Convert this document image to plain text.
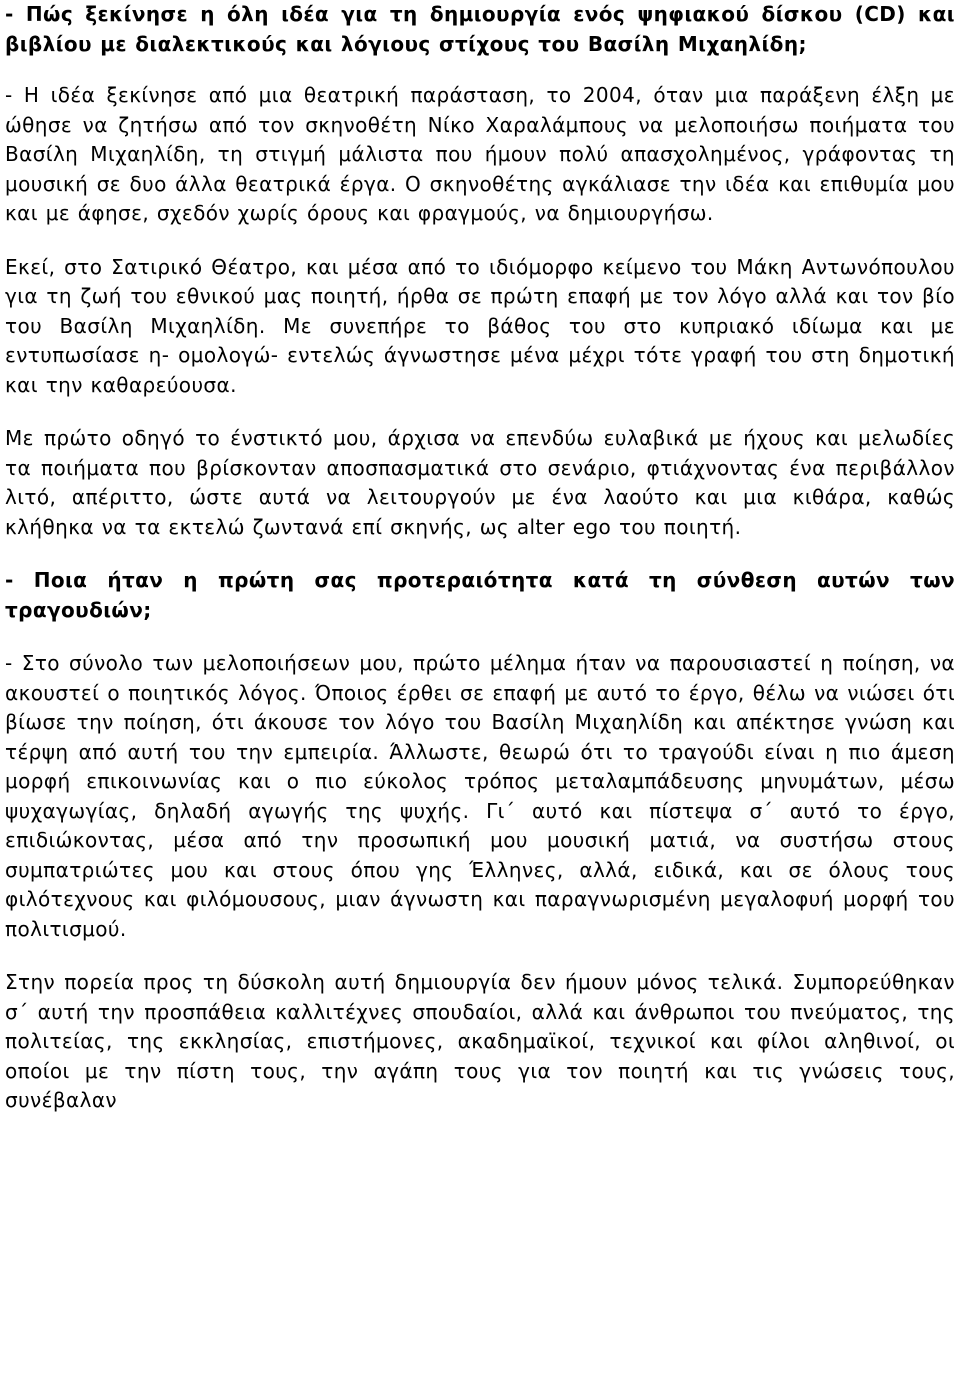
- Πώς ξεκίνησε η όλη ιδέα για τη δημιουργία ενός ψηφιακού δίσκου (CD) και βιβλίου με διαλεκτικούς και λόγιους στίχους του Βασίλη Μιχαηλίδη;

- Η ιδέα ξεκίνησε από μια θεατρική παράσταση, το 2004, όταν μια παράξενη έλξη με ώθησε να ζητήσω από τον σκηνοθέτη Νίκο Χαραλάμπους να μελοποιήσω ποιήματα του Βασίλη Μιχαηλίδη, τη στιγμή μάλιστα που ήμουν πολύ απασχολημένος, γράφοντας τη μουσική σε δυο άλλα θεατρικά έργα. Ο σκηνοθέτης αγκάλιασε την ιδέα και επιθυμία μου και με άφησε, σχεδόν χωρίς όρους και φραγμούς, να δημιουργήσω.

Εκεί, στο Σατιρικό Θέατρο, και μέσα από το ιδιόμορφο κείμενο του Μάκη Αντωνόπουλου για τη ζωή του εθνικού μας ποιητή, ήρθα σε πρώτη επαφή με τον λόγο αλλά και τον βίο του Βασίλη Μιχαηλίδη. Με συνεπήρε το βάθος του στο κυπριακό ιδίωμα και με εντυπωσίασε η- ομολογώ- εντελώς άγνωστησε μένα μέχρι τότε γραφή του στη δημοτική και την καθαρεύουσα.

Με πρώτο οδηγό το ένστικτό μου, άρχισα να επενδύω ευλαβικά με ήχους και μελωδίες τα ποιήματα που βρίσκονταν αποσπασματικά στο σενάριο, φτιάχνοντας ένα περιβάλλον λιτό, απέριττο, ώστε αυτά να λειτουργούν με ένα λαούτο και μια κιθάρα, καθώς κλήθηκα να τα εκτελώ ζωντανά επί σκηνής, ως alter ego του ποιητή.

- Ποια ήταν η πρώτη σας προτεραιότητα κατά τη σύνθεση αυτών των τραγουδιών;

- Στο σύνολο των μελοποιήσεων μου, πρώτο μέλημα ήταν να παρουσιαστεί η ποίηση, να ακουστεί ο ποιητικός λόγος. Όποιος έρθει σε επαφή με αυτό το έργο, θέλω να νιώσει ότι βίωσε την ποίηση, ότι άκουσε τον λόγο του Βασίλη Μιχαηλίδη και απέκτησε γνώση και τέρψη από αυτή του την εμπειρία. Άλλωστε, θεωρώ ότι το τραγούδι είναι η πιο άμεση μορφή επικοινωνίας και ο πιο εύκολος τρόπος μεταλαμπάδευσης μηνυμάτων, μέσω ψυχαγωγίας, δηλαδή αγωγής της ψυχής. Γι΄ αυτό και πίστεψα σ΄ αυτό το έργο, επιδιώκοντας, μέσα από την προσωπική μου μουσική ματιά, να συστήσω στους συμπατριώτες μου και στους όπου γης Έλληνες, αλλά, ειδικά, και σε όλους τους φιλότεχνους και φιλόμουσους, μιαν άγνωστη και παραγνωρισμένη μεγαλοφυή μορφή του πολιτισμού.

Στην πορεία προς τη δύσκολη αυτή δημιουργία δεν ήμουν μόνος τελικά. Συμπορεύθηκαν σ΄ αυτή την προσπάθεια καλλιτέχνες σπουδαίοι, αλλά και άνθρωποι του πνεύματος, της πολιτείας, της εκκλησίας, επιστήμονες, ακαδημαϊκοί, τεχνικοί και φίλοι αληθινοί, οι οποίοι με την πίστη τους, την αγάπη τους για τον ποιητή και τις γνώσεις τους, συνέβαλαν
